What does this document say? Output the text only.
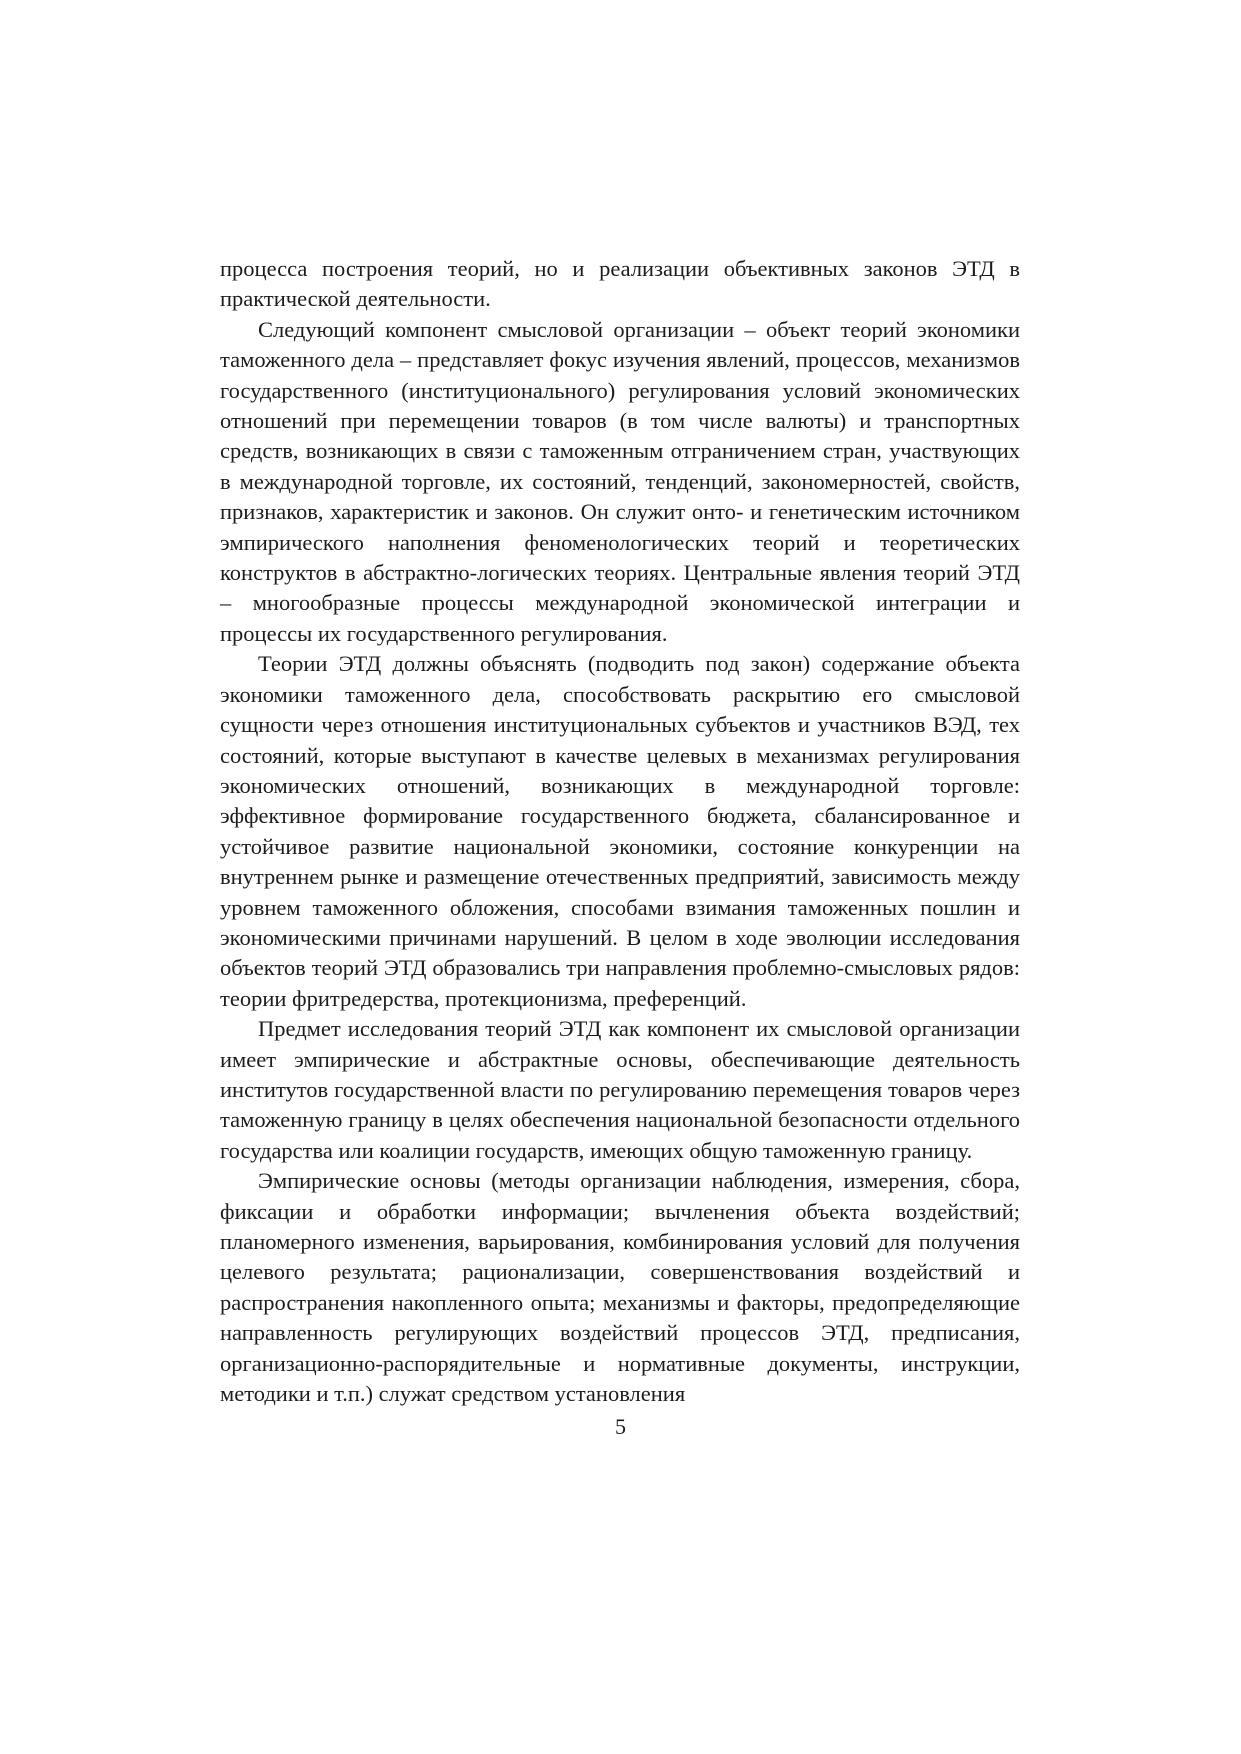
процесса построения теорий, но и реализации объективных законов ЭТД в практической деятельности.

Следующий компонент смысловой организации – объект теорий экономики таможенного дела – представляет фокус изучения явлений, процессов, механизмов государственного (институционального) регулирования условий экономических отношений при перемещении товаров (в том числе валюты) и транспортных средств, возникающих в связи с таможенным отграничением стран, участвующих в международной торговле, их состояний, тенденций, закономерностей, свойств, признаков, характеристик и законов. Он служит онто- и генетическим источником эмпирического наполнения феноменологических теорий и теоретических конструктов в абстрактно-логических теориях. Центральные явления теорий ЭТД – многообразные процессы международной экономической интеграции и процессы их государственного регулирования.

Теории ЭТД должны объяснять (подводить под закон) содержание объекта экономики таможенного дела, способствовать раскрытию его смысловой сущности через отношения институциональных субъектов и участников ВЭД, тех состояний, которые выступают в качестве целевых в механизмах регулирования экономических отношений, возникающих в международной торговле: эффективное формирование государственного бюджета, сбалансированное и устойчивое развитие национальной экономики, состояние конкуренции на внутреннем рынке и размещение отечественных предприятий, зависимость между уровнем таможенного обложения, способами взимания таможенных пошлин и экономическими причинами нарушений. В целом в ходе эволюции исследования объектов теорий ЭТД образовались три направления проблемно-смысловых рядов: теории фритредерства, протекционизма, преференций.

Предмет исследования теорий ЭТД как компонент их смысловой организации имеет эмпирические и абстрактные основы, обеспечивающие деятельность институтов государственной власти по регулированию перемещения товаров через таможенную границу в целях обеспечения национальной безопасности отдельного государства или коалиции государств, имеющих общую таможенную границу.

Эмпирические основы (методы организации наблюдения, измерения, сбора, фиксации и обработки информации; вычленения объекта воздействий; планомерного изменения, варьирования, комбинирования условий для получения целевого результата; рационализации, совершенствования воздействий и распространения накопленного опыта; механизмы и факторы, предопределяющие направленность регулирующих воздействий процессов ЭТД, предписания, организационно-распорядительные и нормативные документы, инструкции, методики и т.п.) служат средством установления

5
